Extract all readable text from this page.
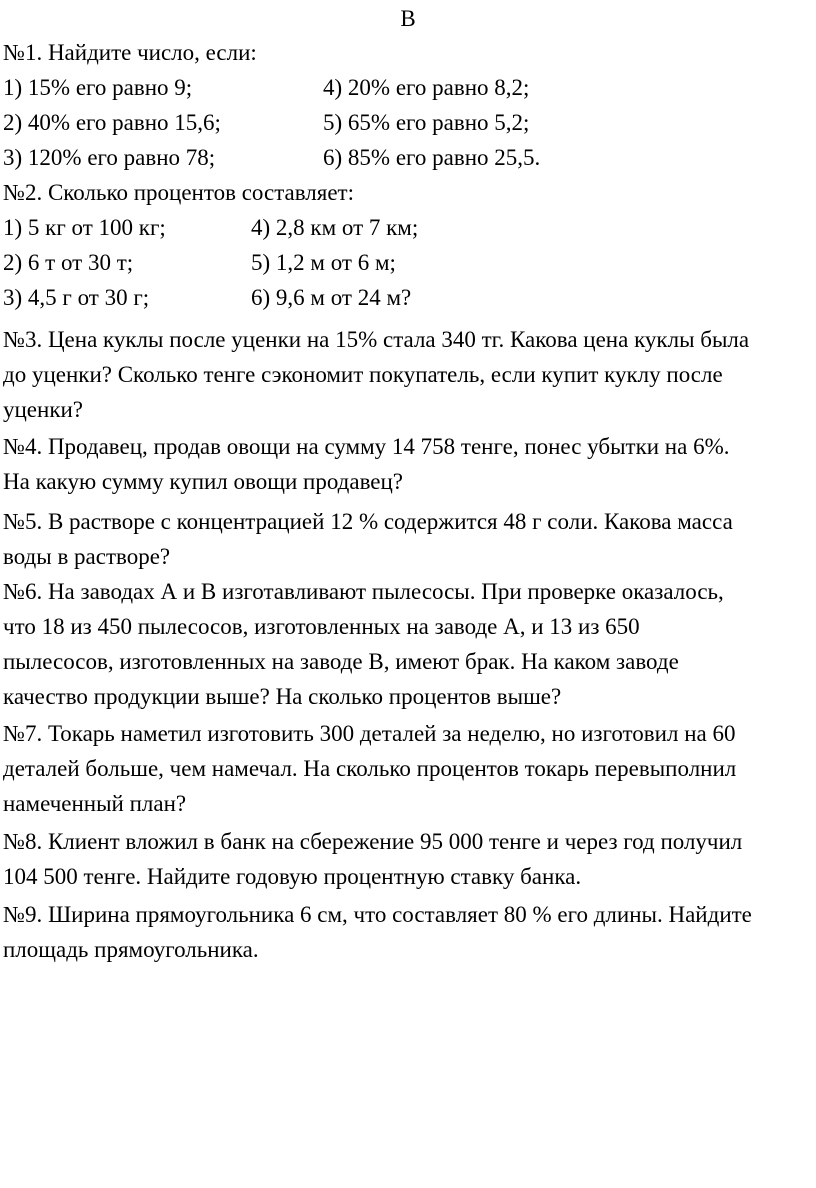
В
№1. Найдите число, если:
1) 15% его равно 9;	4) 20% его равно 8,2;
2) 40% его равно 15,6;	5) 65% его равно 5,2;
3) 120% его равно 78;	6) 85% его равно 25,5.
№2. Сколько процентов составляет:
1) 5 кг от 100 кг;	4) 2,8 км от 7 км;
2) 6 т от 30 т;	5) 1,2 м от 6 м;
3) 4,5 г от 30 г;	6) 9,6 м от 24 м?
№3. Цена куклы после уценки на 15% стала 340 тг. Какова цена куклы была
до уценки? Сколько тенге сэкономит покупатель, если купит куклу после
уценки?
№4. Продавец, продав овощи на сумму 14 758 тенге, понес убытки на 6%.
На какую сумму купил овощи продавец?
№5. В растворе с концентрацией 12 % содержится 48 г соли. Какова масса
воды в растворе?
№6. На заводах А и В изготавливают пылесосы. При проверке оказалось,
что 18 из 450 пылесосов, изготовленных на заводе А, и 13 из 650
пылесосов, изготовленных на заводе В, имеют брак. На каком заводе
качество продукции выше? На сколько процентов выше?
№7. Токарь наметил изготовить 300 деталей за неделю, но изготовил на 60
деталей больше, чем намечал. На сколько процентов токарь перевыполнил
намеченный план?
№8. Клиент вложил в банк на сбережение 95 000 тенге и через год получил
104 500 тенге. Найдите годовую процентную ставку банка.
№9. Ширина прямоугольника 6 см, что составляет 80 % его длины. Найдите
площадь прямоугольника.
